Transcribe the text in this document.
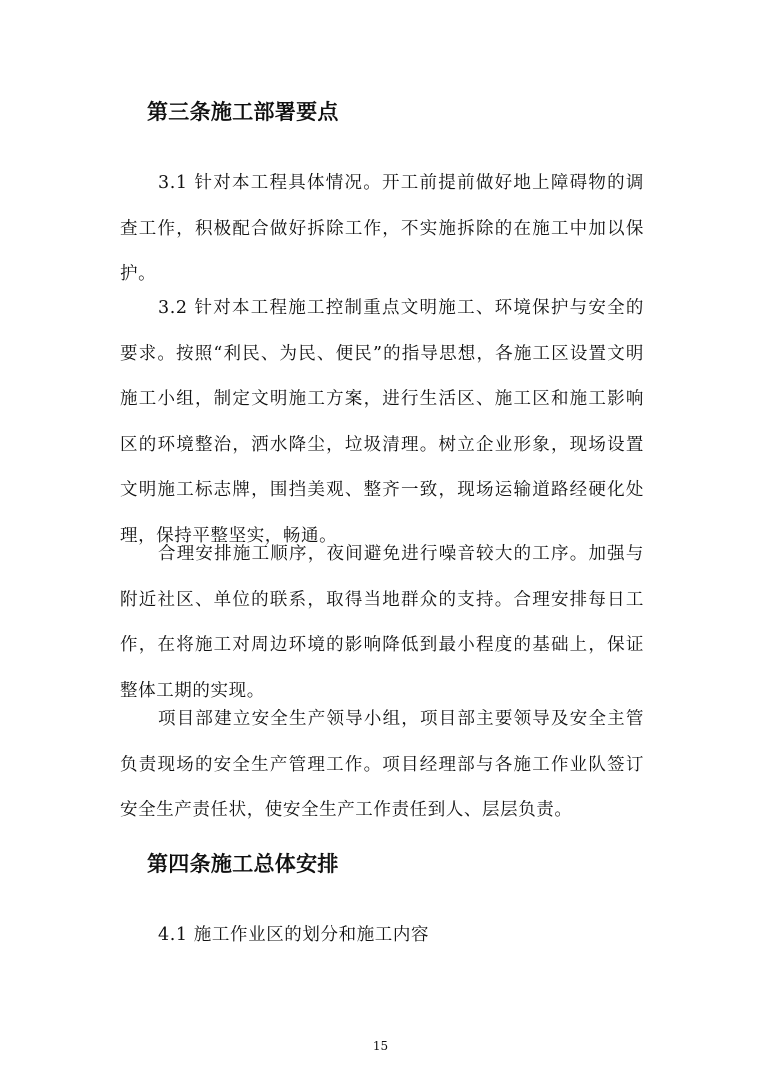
第三条施工部署要点

3.1 针对本工程具体情况。开工前提前做好地上障碍物的调查工作，积极配合做好拆除工作，不实施拆除的在施工中加以保护。

3.2 针对本工程施工控制重点文明施工、环境保护与安全的要求。按照“利民、为民、便民”的指导思想，各施工区设置文明施工小组，制定文明施工方案，进行生活区、施工区和施工影响区的环境整治，洒水降尘，垃圾清理。树立企业形象，现场设置文明施工标志牌，围挡美观、整齐一致，现场运输道路经硬化处理，保持平整坚实，畅通。

合理安排施工顺序，夜间避免进行噪音较大的工序。加强与附近社区、单位的联系，取得当地群众的支持。合理安排每日工作，在将施工对周边环境的影响降低到最小程度的基础上，保证整体工期的实现。

项目部建立安全生产领导小组，项目部主要领导及安全主管负责现场的安全生产管理工作。项目经理部与各施工作业队签订安全生产责任状，使安全生产工作责任到人、层层负责。

第四条施工总体安排
4.1 施工作业区的划分和施工内容
15
